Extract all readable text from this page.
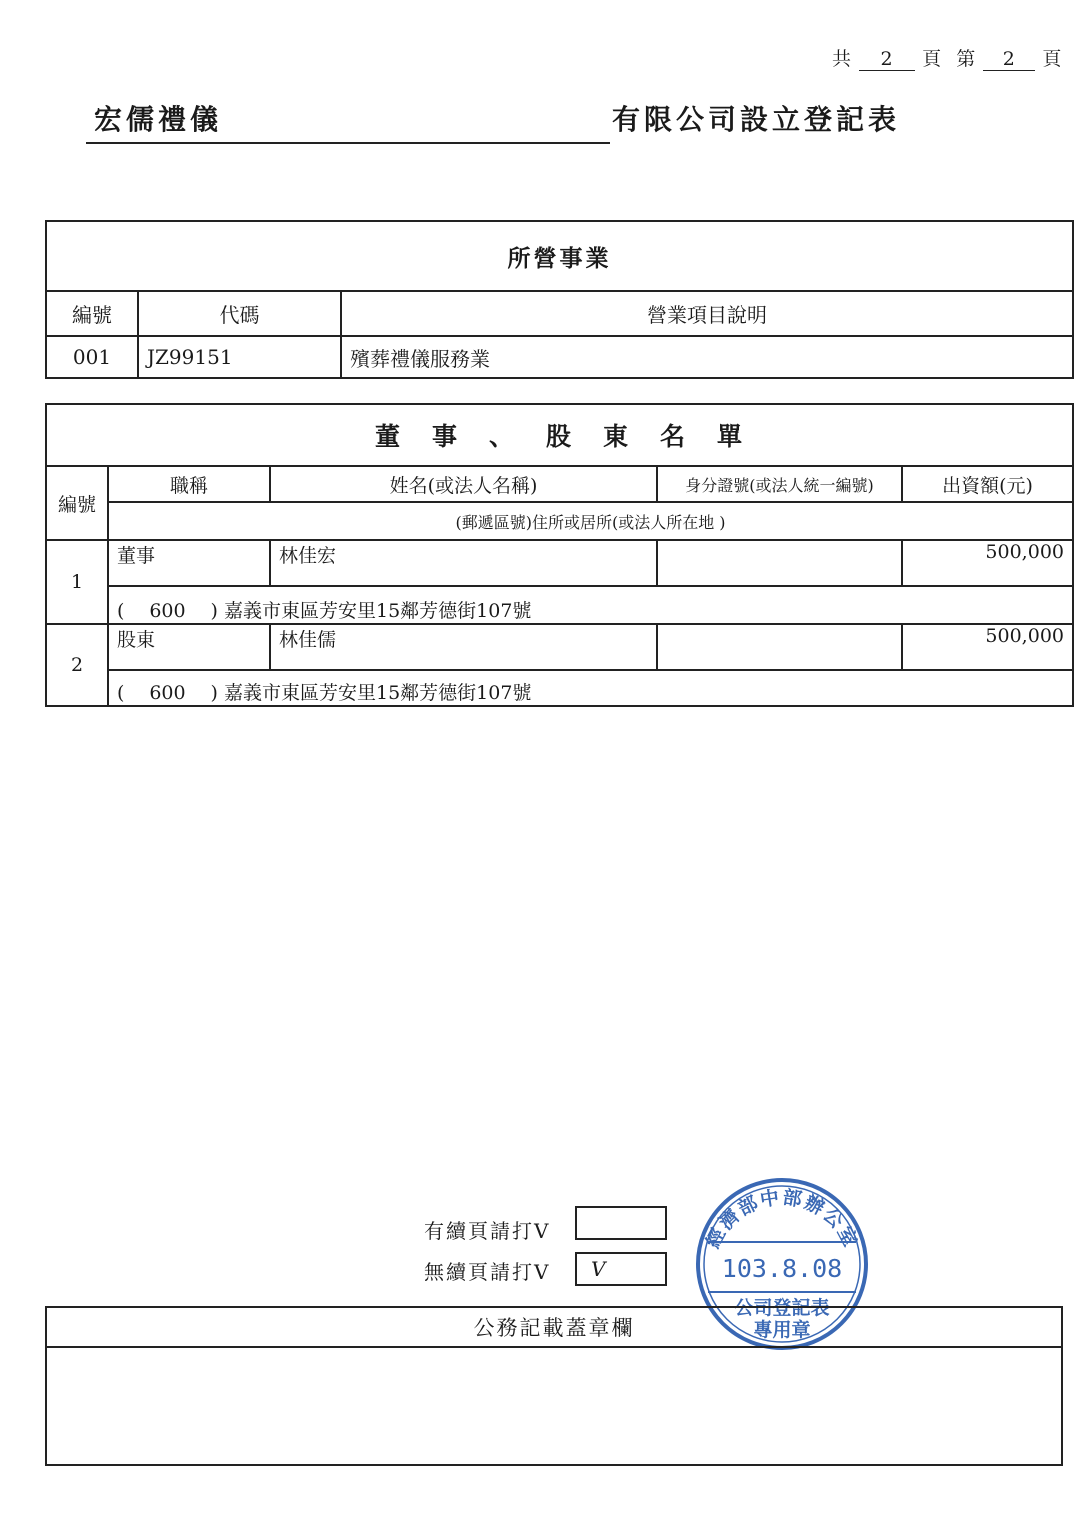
共 2 頁 第 2 頁
宏儒禮儀	有限公司設立登記表
所營事業		
編號	代碼	營業項目說明
001	JZ99151	殯葬禮儀服務業
董事、股東名單				
編號	職稱	姓名(或法人名稱)	身分證號(或法人統一編號)	出資額(元)
	(郵遞區號)住所或居所(或法人所在地 )			
1	董事	林佳宏		500,000
	( 600 ) 嘉義市東區芳安里15鄰芳德街107號			
2	股東	林佳儒		500,000
	( 600 ) 嘉義市東區芳安里15鄰芳德街107號			
有續頁請打V
無續頁請打V	V
經濟部中部辦公室
103.8.08
公司登記表
專用章
公務記載蓋章欄
